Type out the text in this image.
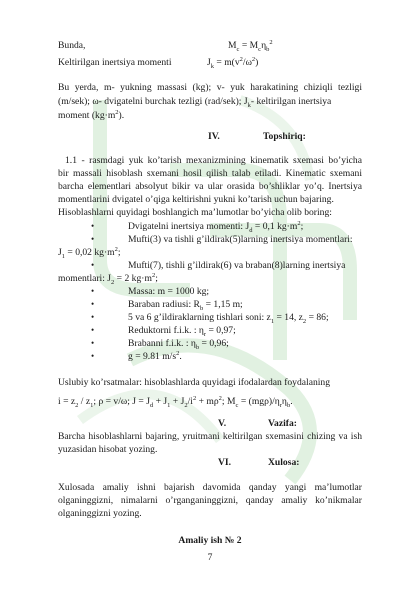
Bunda,	$M_c = M_c\eta_b^2$
Keltirilgan inertsiya momenti	$J_k = m(v^2/\omega^2)$
Bu yerda, m- yukning massasi (kg); v- yuk harakatining chiziqli tezligi
(m/sek); ω- dvigatelni burchak tezligi (rad/sek); $J_k-$ keltirilgan inertsiya
moment $(kg\cdot m^2)$.
IV.	Topshiriq:
1.1 - rasmdagi yuk ko’tarish mexanizmining kinematik sxemasi bo’yicha
bir massali hisoblash sxemani hosil qilish talab etiladi. Kinematic sxemani
barcha elementlari absolyut bikir va ular orasida bo’shliklar yo’q. Inertsiya
momentlarini dvigatel o’qiga keltirishni yukni ko’tarish uchun bajaring.
Hisoblashlarni quyidagi boshlangich ma’lumotlar bo’yicha olib boring:
•	Dvigatelni inertsiya momenti: $J_d = 0,1$ $kg\cdot m^2$;
•	Mufti(3) va tishli g’ildirak(5)larning inertsiya momentlari:
$J_1 = 0,02$ $kg\cdot m^2$;
•	Mufti(7), tishli g’ildirak(6) va braban(8)larning inertsiya
momentlari: $J_2 = 2$ $kg\cdot m^2$;
•	Massa: m = 1000 kg;
•	Baraban radiusi: $R_b = 1,15$ m;
•	5 va 6 g’ildiraklarning tishlari soni: $z_1 = 14$, $z_2 = 86$;
•	Reduktorni f.i.k. : $\eta_r = 0,97$;
•	Brabanni f.i.k. : $\eta_b = 0,96$;
•	g = 9.81 $m/s^2$.
Uslubiy ko’rsatmalar: hisoblashlarda quyidagi ifodalardan foydalaning
$i = z_2 / z_1$; ρ = v/ω; $J = J_d + J_1 + J_2/i^2 + m\rho^2$; $M_c = (mg\rho)/\eta_r\eta_b$.
V.	Vazifa:
Barcha hisoblashlarni bajaring, yruitmani keltirilgan sxemasini chizing va ish
yuzasidan hisobat yozing.
VI.	Xulosa:
Xulosada amaliy ishni bajarish davomida qanday yangi ma’lumotlar
olganinggizni, nimalarni o’rganganinggizni, qanday amaliy ko’nikmalar
olganinggizni yozing.
Amaliy ish № 2
7
